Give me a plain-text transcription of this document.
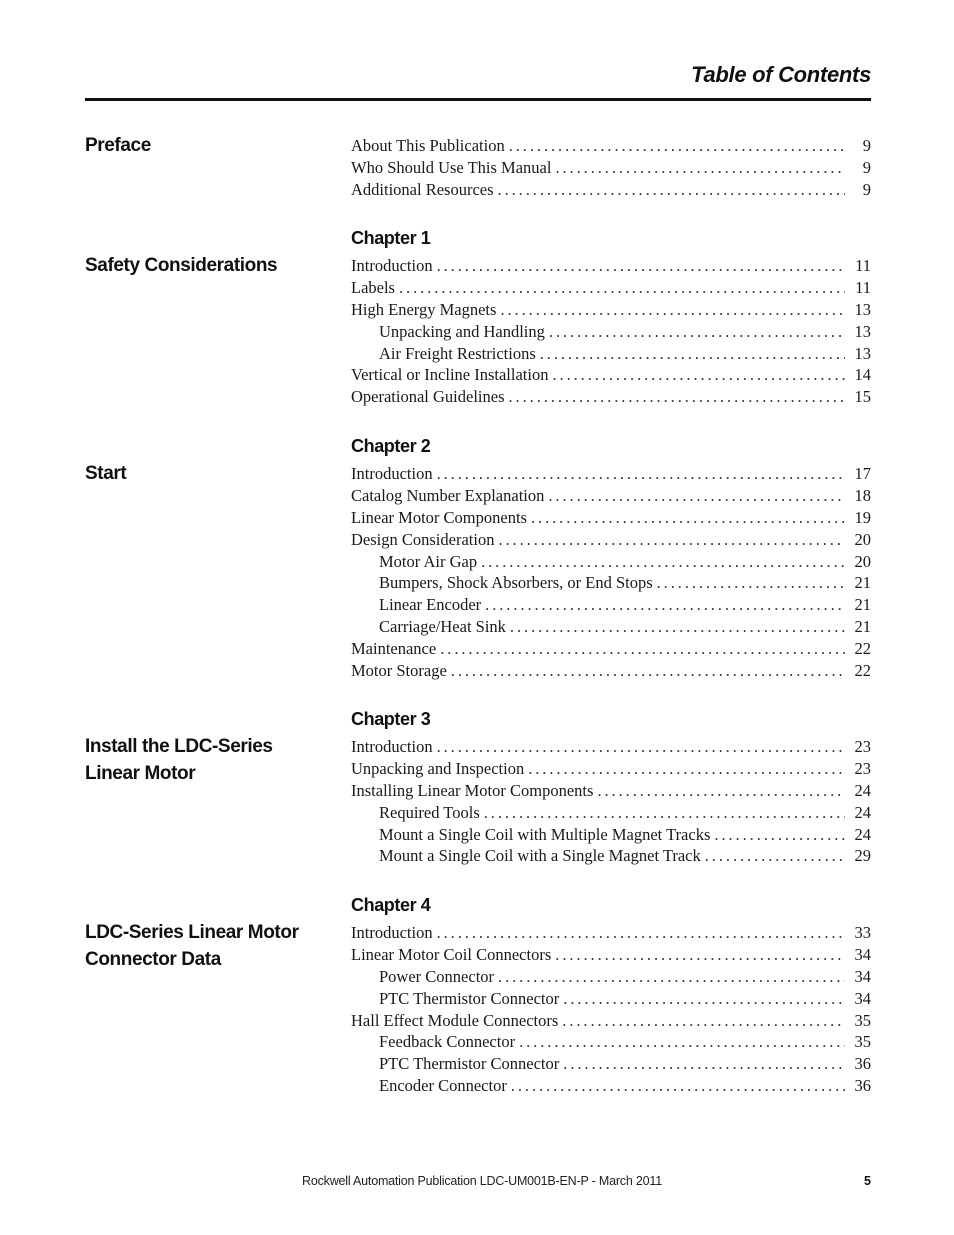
Table of Contents
Preface	About This Publication . . .	9
Who Should Use This Manual . . .	9
Additional Resources . . .	9
Chapter 1
Safety Considerations	Introduction . . .	11
Labels . . .	11
High Energy Magnets . . .	13
Unpacking and Handling . . .	13
Air Freight Restrictions . . .	13
Vertical or Incline Installation . . .	14
Operational Guidelines . . .	15
Chapter 2
Start	Introduction . . .	17
Catalog Number Explanation . . .	18
Linear Motor Components . . .	19
Design Consideration . . .	20
Motor Air Gap . . .	20
Bumpers, Shock Absorbers, or End Stops . . .	21
Linear Encoder . . .	21
Carriage/Heat Sink . . .	21
Maintenance . . .	22
Motor Storage . . .	22
Chapter 3
Install the LDC-Series Linear Motor
Introduction . . .	23
Unpacking and Inspection . . .	23
Installing Linear Motor Components . . .	24
Required Tools . . .	24
Mount a Single Coil with Multiple Magnet Tracks . . .	24
Mount a Single Coil with a Single Magnet Track . . .	29
Chapter 4
LDC-Series Linear Motor Connector Data
Introduction . . .	33
Linear Motor Coil Connectors . . .	34
Power Connector . . .	34
PTC Thermistor Connector . . .	34
Hall Effect Module Connectors . . .	35
Feedback Connector . . .	35
PTC Thermistor Connector . . .	36
Encoder Connector . . .	36
Rockwell Automation Publication LDC-UM001B-EN-P - March 2011	5
